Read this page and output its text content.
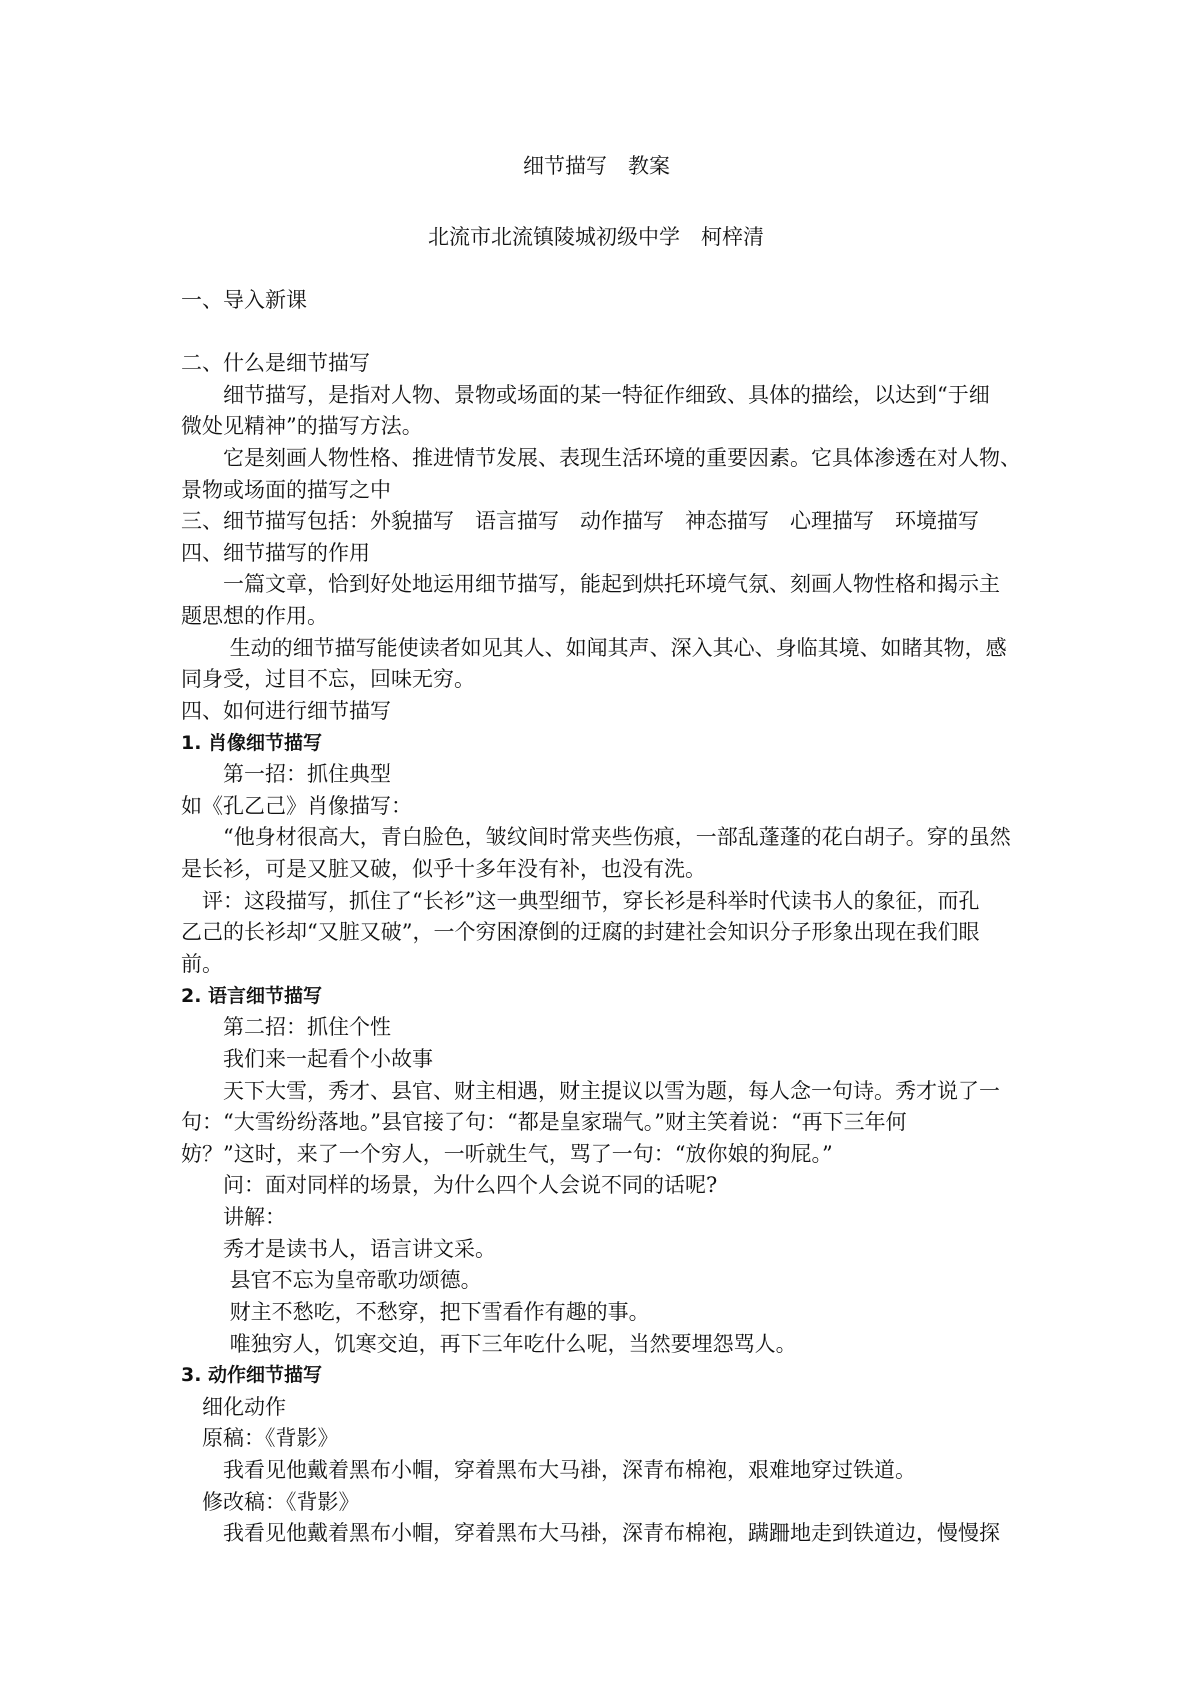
细节描写　教案
北流市北流镇陵城初级中学　柯梓清
一、导入新课
二、什么是细节描写
　　细节描写，是指对人物、景物或场面的某一特征作细致、具体的描绘，以达到“于细
微处见精神”的描写方法。
　　它是刻画人物性格、推进情节发展、表现生活环境的重要因素。它具体渗透在对人物、
景物或场面的描写之中
三、细节描写包括：外貌描写　语言描写　动作描写　神态描写　心理描写　环境描写
四、细节描写的作用
　　一篇文章，恰到好处地运用细节描写，能起到烘托环境气氛、刻画人物性格和揭示主
题思想的作用。
　　 生动的细节描写能使读者如见其人、如闻其声、深入其心、身临其境、如睹其物，感
同身受，过目不忘，回味无穷。
四、如何进行细节描写
1. 肖像细节描写
　　第一招：抓住典型
如《孔乙己》肖像描写：
　　“他身材很高大，青白脸色，皱纹间时常夹些伤痕，一部乱蓬蓬的花白胡子。穿的虽然
是长衫，可是又脏又破，似乎十多年没有补，也没有洗。
　评：这段描写，抓住了“长衫”这一典型细节，穿长衫是科举时代读书人的象征，而孔
乙己的长衫却“又脏又破”，一个穷困潦倒的迂腐的封建社会知识分子形象出现在我们眼
前。
2. 语言细节描写
　　第二招：抓住个性
　　我们来一起看个小故事
　　天下大雪，秀才、县官、财主相遇，财主提议以雪为题，每人念一句诗。秀才说了一
句：“大雪纷纷落地。”县官接了句：“都是皇家瑞气。”财主笑着说：“再下三年何
妨？”这时，来了一个穷人，一听就生气，骂了一句：“放你娘的狗屁。”
　　问：面对同样的场景，为什么四个人会说不同的话呢?
　　讲解：
　　秀才是读书人，语言讲文采。
　　 县官不忘为皇帝歌功颂德。
　　 财主不愁吃，不愁穿，把下雪看作有趣的事。
　　 唯独穷人，饥寒交迫，再下三年吃什么呢，当然要埋怨骂人。
3. 动作细节描写
　细化动作
　原稿：《背影》
　　我看见他戴着黑布小帽，穿着黑布大马褂，深青布棉袍，艰难地穿过铁道。
　修改稿：《背影》
　　我看见他戴着黑布小帽，穿着黑布大马褂，深青布棉袍，蹒跚地走到铁道边，慢慢探
